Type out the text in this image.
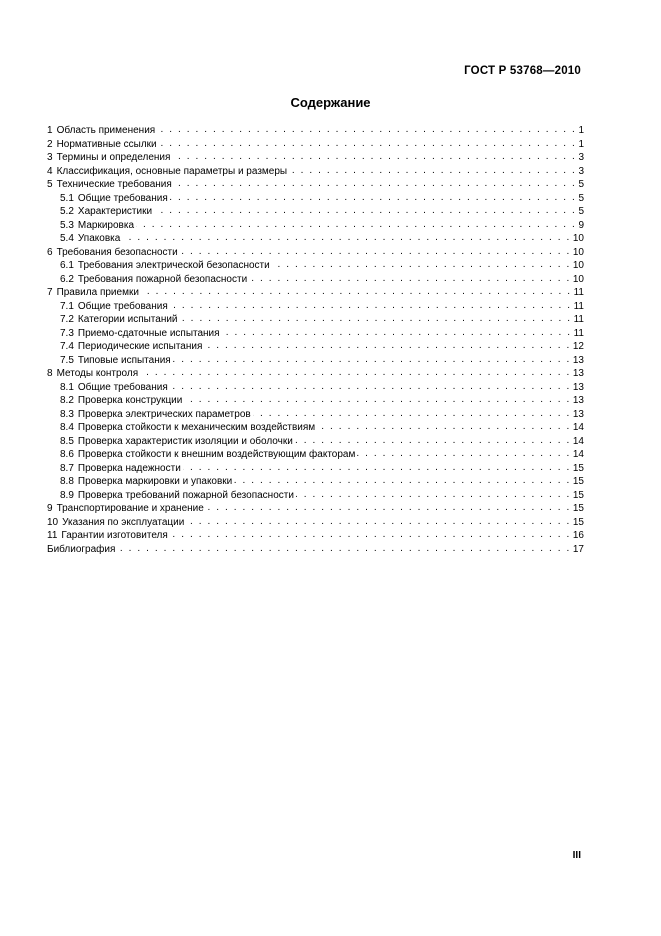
ГОСТ Р 53768—2010
Содержание
1 Область применения . . .	1
2 Нормативные ссылки . . .	1
3 Термины и определения . . .	3
4 Классификация, основные параметры и размеры . . .	3
5 Технические требования . . .	5
5.1 Общие требования . . .	5
5.2 Характеристики . . .	5
5.3 Маркировка . . .	9
5.4 Упаковка . . .	10
6 Требования безопасности . . .	10
6.1 Требования электрической безопасности . . .	10
6.2 Требования пожарной безопасности . . .	10
7 Правила приемки . . .	11
7.1 Общие требования . . .	11
7.2 Категории испытаний . . .	11
7.3 Приемо-сдаточные испытания . . .	11
7.4 Периодические испытания . . .	12
7.5 Типовые испытания . . .	13
8 Методы контроля . . .	13
8.1 Общие требования . . .	13
8.2 Проверка конструкции . . .	13
8.3 Проверка электрических параметров . . .	13
8.4 Проверка стойкости к механическим воздействиям . . .	14
8.5 Проверка характеристик изоляции и оболочки . . .	14
8.6 Проверка стойкости к внешним воздействующим факторам . . .	14
8.7 Проверка надежности . . .	15
8.8 Проверка маркировки и упаковки . . .	15
8.9 Проверка требований пожарной безопасности . . .	15
9 Транспортирование и хранение . . .	15
10 Указания по эксплуатации . . .	15
11 Гарантии изготовителя . . .	16
Библиография . . .	17
III
